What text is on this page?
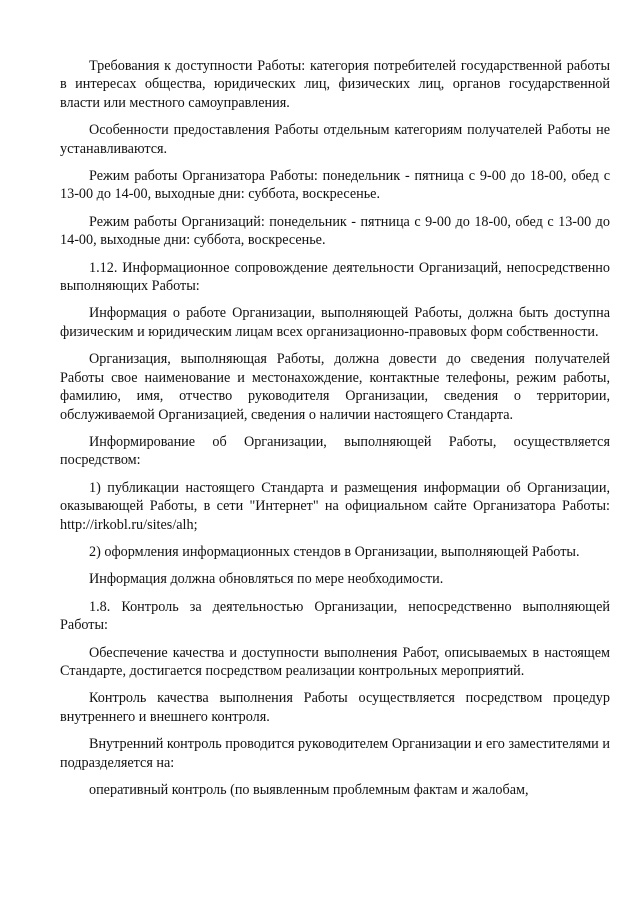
Требования к доступности Работы: категория потребителей государственной работы в интересах общества, юридических лиц, физических лиц, органов государственной власти или местного самоуправления.

Особенности предоставления Работы отдельным категориям получателей Работы не устанавливаются.

Режим работы Организатора Работы: понедельник - пятница с 9-00 до 18-00, обед с 13-00 до 14-00, выходные дни: суббота, воскресенье.

Режим работы Организаций: понедельник - пятница с 9-00 до 18-00, обед с 13-00 до 14-00, выходные дни: суббота, воскресенье.

1.12. Информационное сопровождение деятельности Организаций, непосредственно выполняющих Работы:

Информация о работе Организации, выполняющей Работы, должна быть доступна физическим и юридическим лицам всех организационно-правовых форм собственности.

Организация, выполняющая Работы, должна довести до сведения получателей Работы свое наименование и местонахождение, контактные телефоны, режим работы, фамилию, имя, отчество руководителя Организации, сведения о территории, обслуживаемой Организацией, сведения о наличии настоящего Стандарта.

Информирование об Организации, выполняющей Работы, осуществляется посредством:

1) публикации настоящего Стандарта и размещения информации об Организации, оказывающей Работы, в сети "Интернет" на официальном сайте Организатора Работы: http://irkobl.ru/sites/alh;

2) оформления информационных стендов в Организации, выполняющей Работы.

Информация должна обновляться по мере необходимости.

1.8. Контроль за деятельностью Организации, непосредственно выполняющей Работы:

Обеспечение качества и доступности выполнения Работ, описываемых в настоящем Стандарте, достигается посредством реализации контрольных мероприятий.

Контроль качества выполнения Работы осуществляется посредством процедур внутреннего и внешнего контроля.

Внутренний контроль проводится руководителем Организации и его заместителями и подразделяется на:

оперативный контроль (по выявленным проблемным фактам и жалобам,
